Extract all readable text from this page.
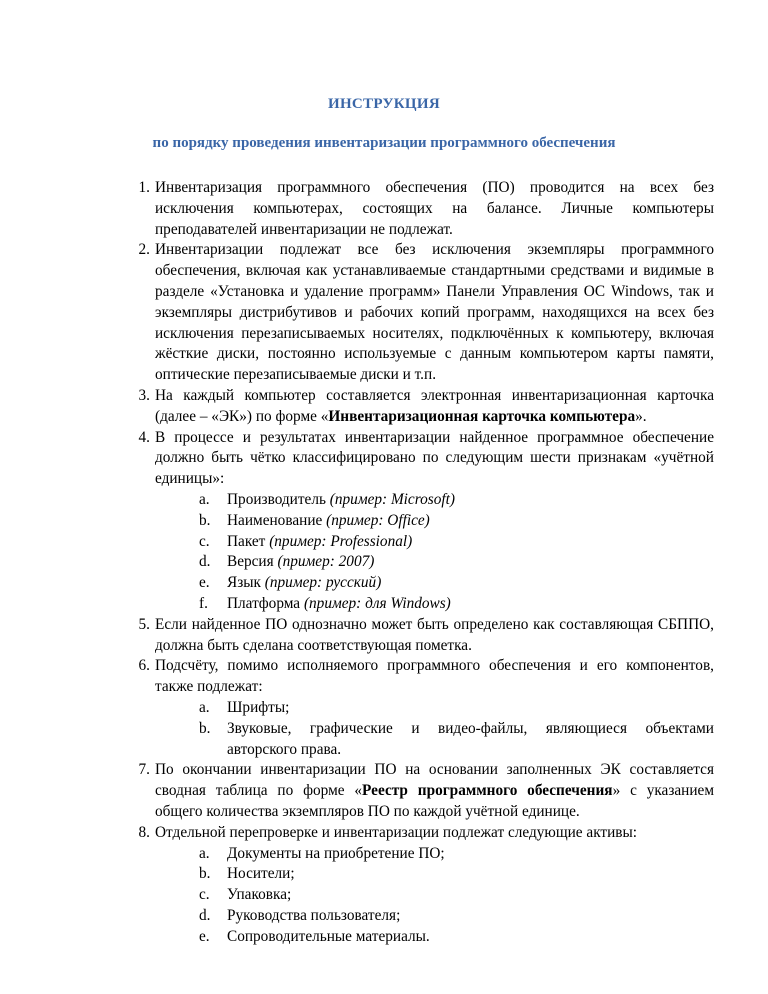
ИНСТРУКЦИЯ
по порядку проведения инвентаризации программного обеспечения
1. Инвентаризация программного обеспечения (ПО) проводится на всех без исключения компьютерах, состоящих на балансе. Личные компьютеры преподавателей инвентаризации не подлежат.
2. Инвентаризации подлежат все без исключения экземпляры программного обеспечения, включая как устанавливаемые стандартными средствами и видимые в разделе «Установка и удаление программ» Панели Управления ОС Windows, так и экземпляры дистрибутивов и рабочих копий программ, находящихся на всех без исключения перезаписываемых носителях, подключённых к компьютеру, включая жёсткие диски, постоянно используемые с данным компьютером карты памяти, оптические перезаписываемые диски и т.п.
3. На каждый компьютер составляется электронная инвентаризационная карточка (далее – «ЭК») по форме «Инвентаризационная карточка компьютера».
4. В процессе и результатах инвентаризации найденное программное обеспечение должно быть чётко классифицировано по следующим шести признакам «учётной единицы»:
a. Производитель (пример: Microsoft)
b. Наименование (пример: Office)
c. Пакет (пример: Professional)
d. Версия (пример: 2007)
e. Язык (пример: русский)
f. Платформа (пример: для Windows)
5. Если найденное ПО однозначно может быть определено как составляющая СБППО, должна быть сделана соответствующая пометка.
6. Подсчёту, помимо исполняемого программного обеспечения и его компонентов, также подлежат:
a. Шрифты;
b. Звуковые, графические и видео-файлы, являющиеся объектами авторского права.
7. По окончании инвентаризации ПО на основании заполненных ЭК составляется сводная таблица по форме «Реестр программного обеспечения» с указанием общего количества экземпляров ПО по каждой учётной единице.
8. Отдельной перепроверке и инвентаризации подлежат следующие активы:
a. Документы на приобретение ПО;
b. Носители;
c. Упаковка;
d. Руководства пользователя;
e. Сопроводительные материалы.
